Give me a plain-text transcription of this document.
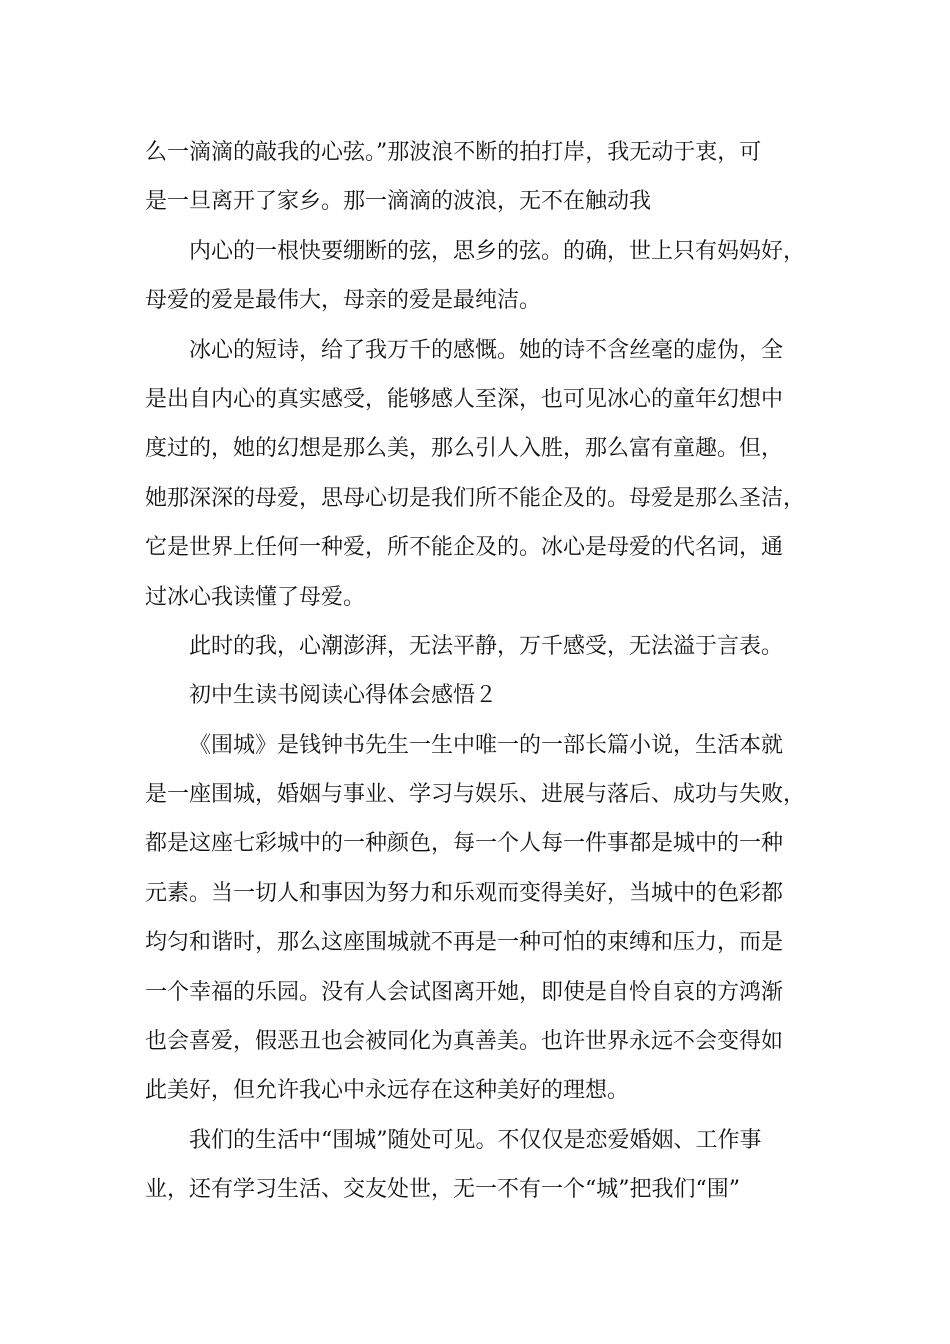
么一滴滴的敲我的心弦。”那波浪不断的拍打岸，我无动于衷，可
是一旦离开了家乡。那一滴滴的波浪，无不在触动我
内心的一根快要绷断的弦，思乡的弦。的确，世上只有妈妈好，
母爱的爱是最伟大，母亲的爱是最纯洁。
冰心的短诗，给了我万千的感慨。她的诗不含丝毫的虚伪，全
是出自内心的真实感受，能够感人至深，也可见冰心的童年幻想中
度过的，她的幻想是那么美，那么引人入胜，那么富有童趣。但，
她那深深的母爱，思母心切是我们所不能企及的。母爱是那么圣洁，
它是世界上任何一种爱，所不能企及的。冰心是母爱的代名词，通
过冰心我读懂了母爱。
此时的我，心潮澎湃，无法平静，万千感受，无法溢于言表。
初中生读书阅读心得体会感悟２
《围城》是钱钟书先生一生中唯一的一部长篇小说，生活本就
是一座围城，婚姻与事业、学习与娱乐、进展与落后、成功与失败，
都是这座七彩城中的一种颜色，每一个人每一件事都是城中的一种
元素。当一切人和事因为努力和乐观而变得美好，当城中的色彩都
均匀和谐时，那么这座围城就不再是一种可怕的束缚和压力，而是
一个幸福的乐园。没有人会试图离开她，即使是自怜自哀的方鸿渐
也会喜爱，假恶丑也会被同化为真善美。也许世界永远不会变得如
此美好，但允许我心中永远存在这种美好的理想。
我们的生活中“围城”随处可见。不仅仅是恋爱婚姻、工作事
业，还有学习生活、交友处世，无一不有一个“城”把我们“围”
